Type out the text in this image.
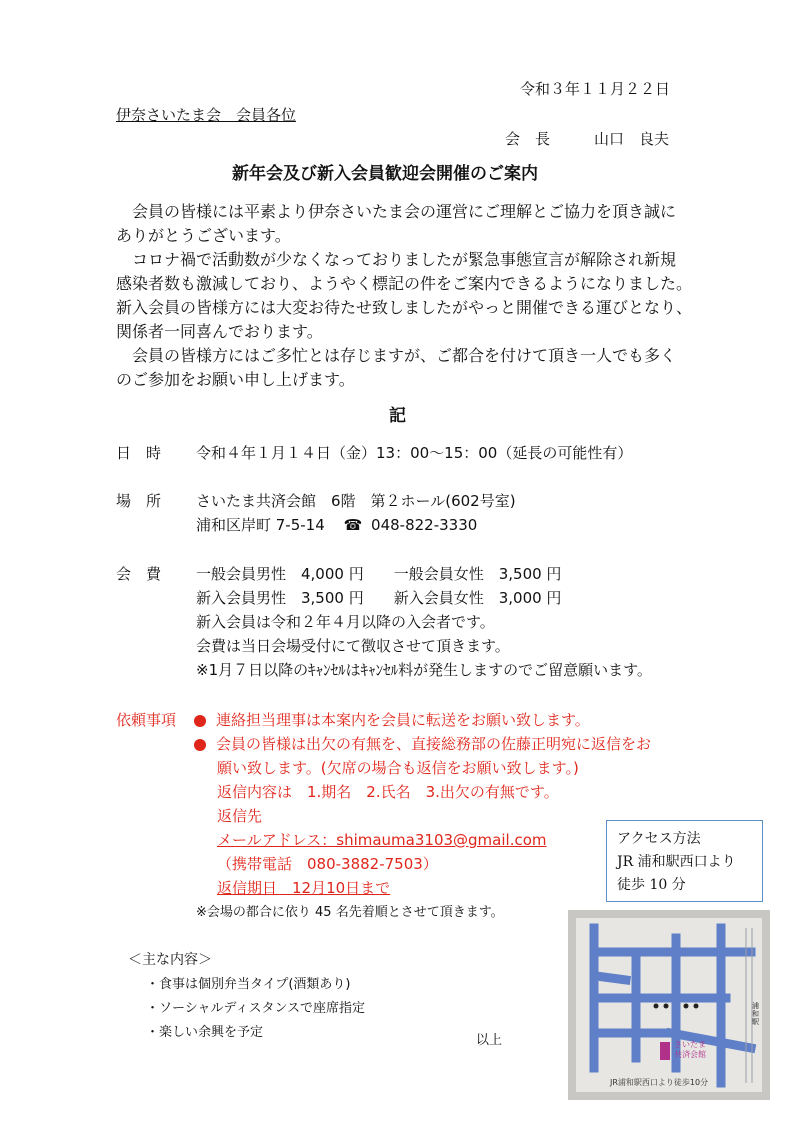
令和３年１１月２２日
伊奈さいたま会　会員各位
会　長	山口　良夫
新年会及び新入会員歓迎会開催のご案内
　会員の皆様には平素より伊奈さいたま会の運営にご理解とご協力を頂き誠に
ありがとうございます。
　コロナ禍で活動数が少なくなっておりましたが緊急事態宣言が解除され新規
感染者数も激減しており、ようやく標記の件をご案内できるようになりました。
新入会員の皆様方には大変お待たせ致しましたがやっと開催できる運びとなり、
関係者一同喜んでおります。
　会員の皆様方にはご多忙とは存じますが、ご都合を付けて頂き一人でも多く
のご参加をお願い申し上げます。
記
日　時 令和４年１月１４日（金）13：00～15：00（延長の可能性有）
場　所 さいたま共済会館　6階　第２ホール(602号室)
浦和区岸町 7-5-14 ☎ 048-822-3330
会　費 一般会員男性　4,000 円　　一般会員女性　3,500 円
新入会員男性　3,500 円　　新入会員女性　3,000 円
新入会員は令和２年４月以降の入会者です。
会費は当日会場受付にて徴収させて頂きます。
※1月７日以降のｷｬﾝｾﾙはｷｬﾝｾﾙ料が発生しますのでご留意願います。
依頼事項	連絡担当理事は本案内を会員に転送をお願い致します。
会員の皆様は出欠の有無を、直接総務部の佐藤正明宛に返信をお
願い致します。(欠席の場合も返信をお願い致します。)
返信内容は　1.期名　2.氏名　3.出欠の有無です。
返信先
メールアドレス：shimauma3103@gmail.com
（携帯電話　080-3882-7503）
返信期日　12月10日まで
※会場の都合に依り 45 名先着順とさせて頂きます。
＜主な内容＞
・食事は個別弁当タイプ(酒類あり)
・ソーシャルディスタンスで座席指定
・楽しい余興を予定
以上
アクセス方法
JR 浦和駅西口より
徒歩 10 分
さいたま
共済会館
浦和駅
JR浦和駅西口より徒歩10分
